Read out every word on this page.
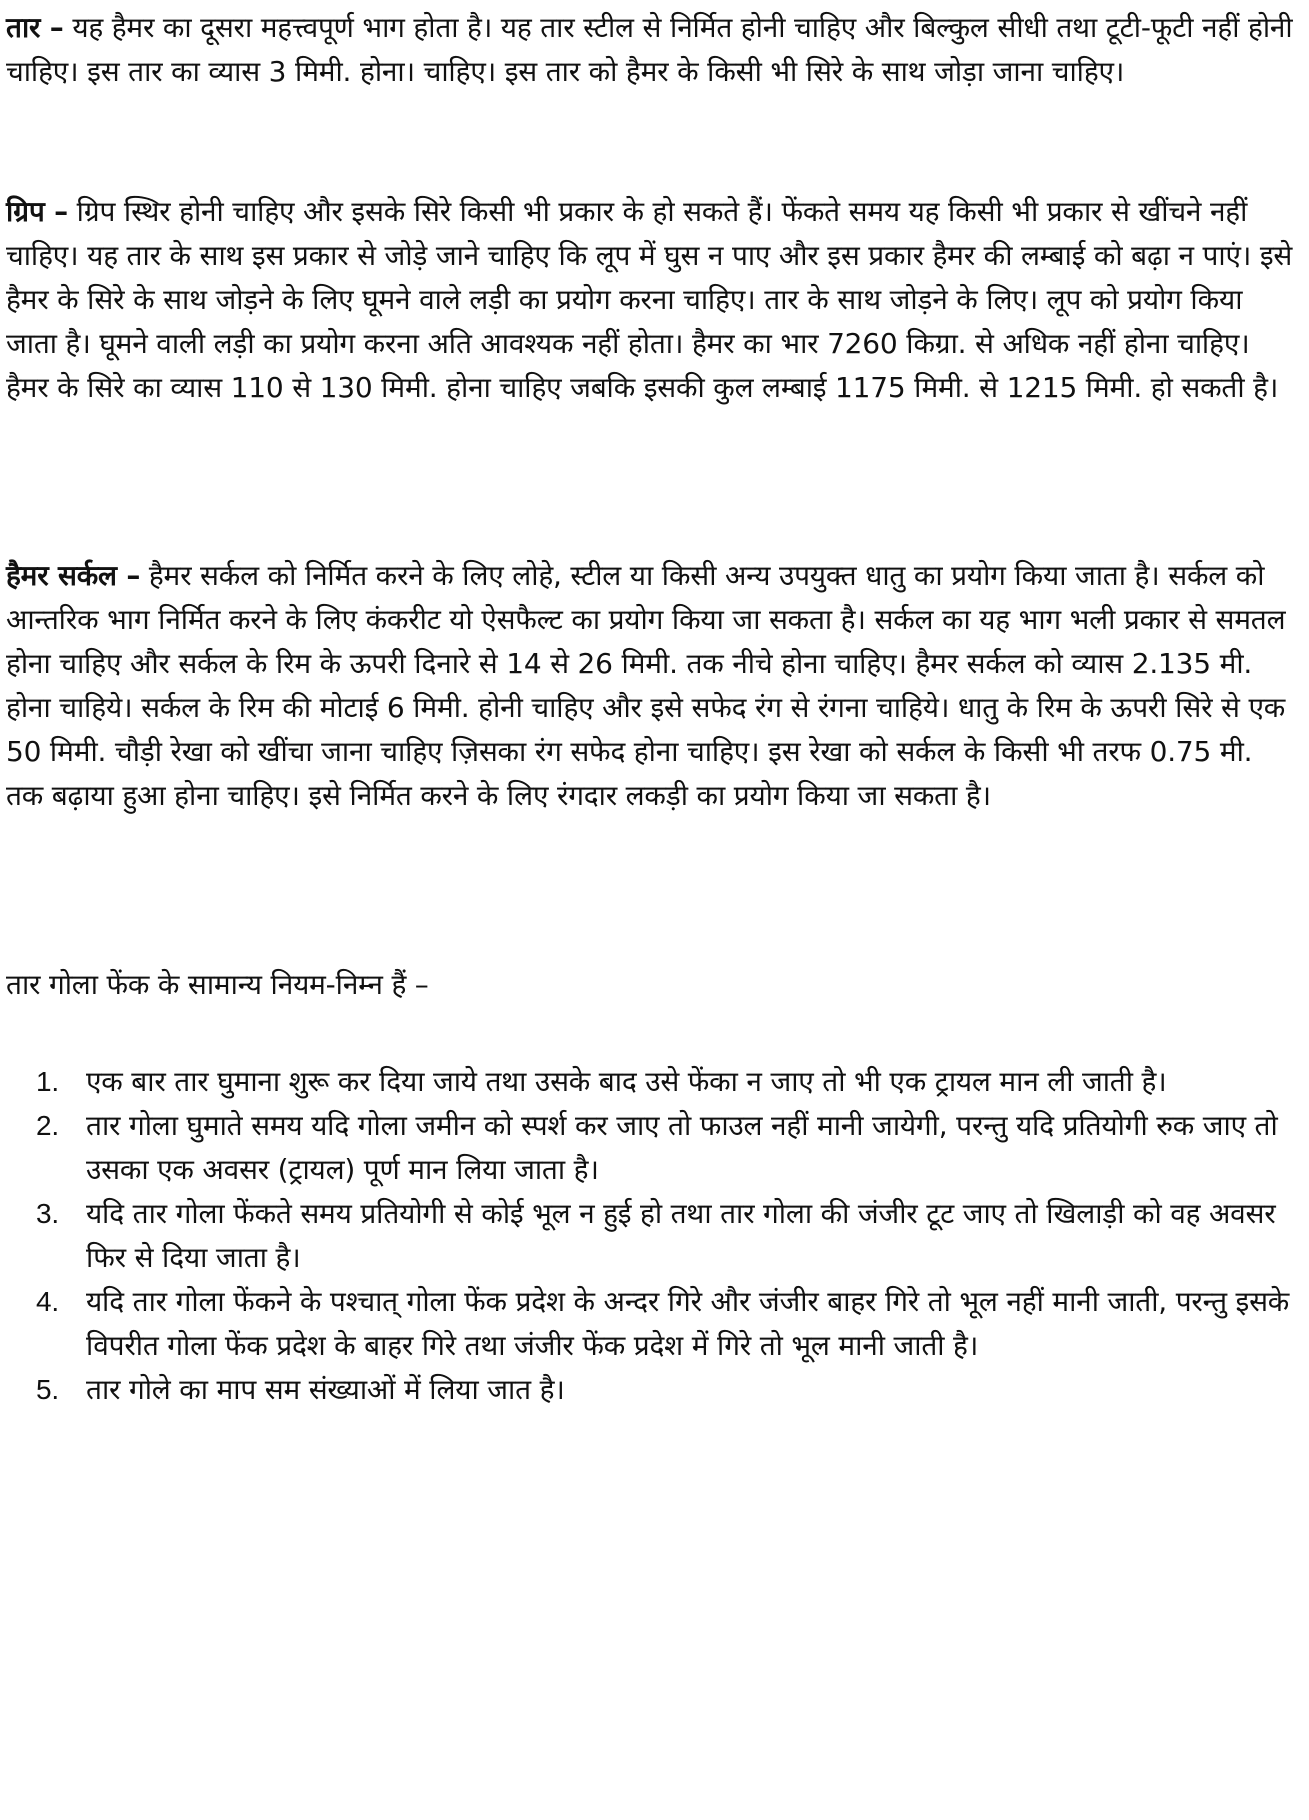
तार – यह हैमर का दूसरा महत्त्वपूर्ण भाग होता है। यह तार स्टील से निर्मित होनी चाहिए और बिल्कुल सीधी तथा टूटी-फूटी नहीं होनी चाहिए। इस तार का व्यास 3 मिमी. होना। चाहिए। इस तार को हैमर के किसी भी सिरे के साथ जोड़ा जाना चाहिए।

ग्रिप – ग्रिप स्थिर होनी चाहिए और इसके सिरे किसी भी प्रकार के हो सकते हैं। फेंकते समय यह किसी भी प्रकार से खींचने नहीं चाहिए। यह तार के साथ इस प्रकार से जोड़े जाने चाहिए कि लूप में घुस न पाए और इस प्रकार हैमर की लम्बाई को बढ़ा न पाएं। इसे हैमर के सिरे के साथ जोड़ने के लिए घूमने वाले लड़ी का प्रयोग करना चाहिए। तार के साथ जोड़ने के लिए। लूप को प्रयोग किया जाता है। घूमने वाली लड़ी का प्रयोग करना अति आवश्यक नहीं होता। हैमर का भार 7260 किग्रा. से अधिक नहीं होना चाहिए। हैमर के सिरे का व्यास 110 से 130 मिमी. होना चाहिए जबकि इसकी कुल लम्बाई 1175 मिमी. से 1215 मिमी. हो सकती है।

हैमर सर्कल – हैमर सर्कल को निर्मित करने के लिए लोहे, स्टील या किसी अन्य उपयुक्त धातु का प्रयोग किया जाता है। सर्कल को आन्तरिक भाग निर्मित करने के लिए कंकरीट यो ऐसफैल्ट का प्रयोग किया जा सकता है। सर्कल का यह भाग भली प्रकार से समतल होना चाहिए और सर्कल के रिम के ऊपरी दिनारे से 14 से 26 मिमी. तक नीचे होना चाहिए। हैमर सर्कल को व्यास 2.135 मी. होना चाहिये। सर्कल के रिम की मोटाई 6 मिमी. होनी चाहिए और इसे सफेद रंग से रंगना चाहिये। धातु के रिम के ऊपरी सिरे से एक 50 मिमी. चौड़ी रेखा को खींचा जाना चाहिए ज़िसका रंग सफेद होना चाहिए। इस रेखा को सर्कल के किसी भी तरफ 0.75 मी. तक बढ़ाया हुआ होना चाहिए। इसे निर्मित करने के लिए रंगदार लकड़ी का प्रयोग किया जा सकता है।

तार गोला फेंक के सामान्य नियम-निम्न हैं –

1. एक बार तार घुमाना शुरू कर दिया जाये तथा उसके बाद उसे फेंका न जाए तो भी एक ट्रायल मान ली जाती है।
2. तार गोला घुमाते समय यदि गोला जमीन को स्पर्श कर जाए तो फाउल नहीं मानी जायेगी, परन्तु यदि प्रतियोगी रुक जाए तो उसका एक अवसर (ट्रायल) पूर्ण मान लिया जाता है।
3. यदि तार गोला फेंकते समय प्रतियोगी से कोई भूल न हुई हो तथा तार गोला की जंजीर टूट जाए तो खिलाड़ी को वह अवसर फिर से दिया जाता है।
4. यदि तार गोला फेंकने के पश्चात् गोला फेंक प्रदेश के अन्दर गिरे और जंजीर बाहर गिरे तो भूल नहीं मानी जाती, परन्तु इसके विपरीत गोला फेंक प्रदेश के बाहर गिरे तथा जंजीर फेंक प्रदेश में गिरे तो भूल मानी जाती है।
5. तार गोले का माप सम संख्याओं में लिया जात है।
